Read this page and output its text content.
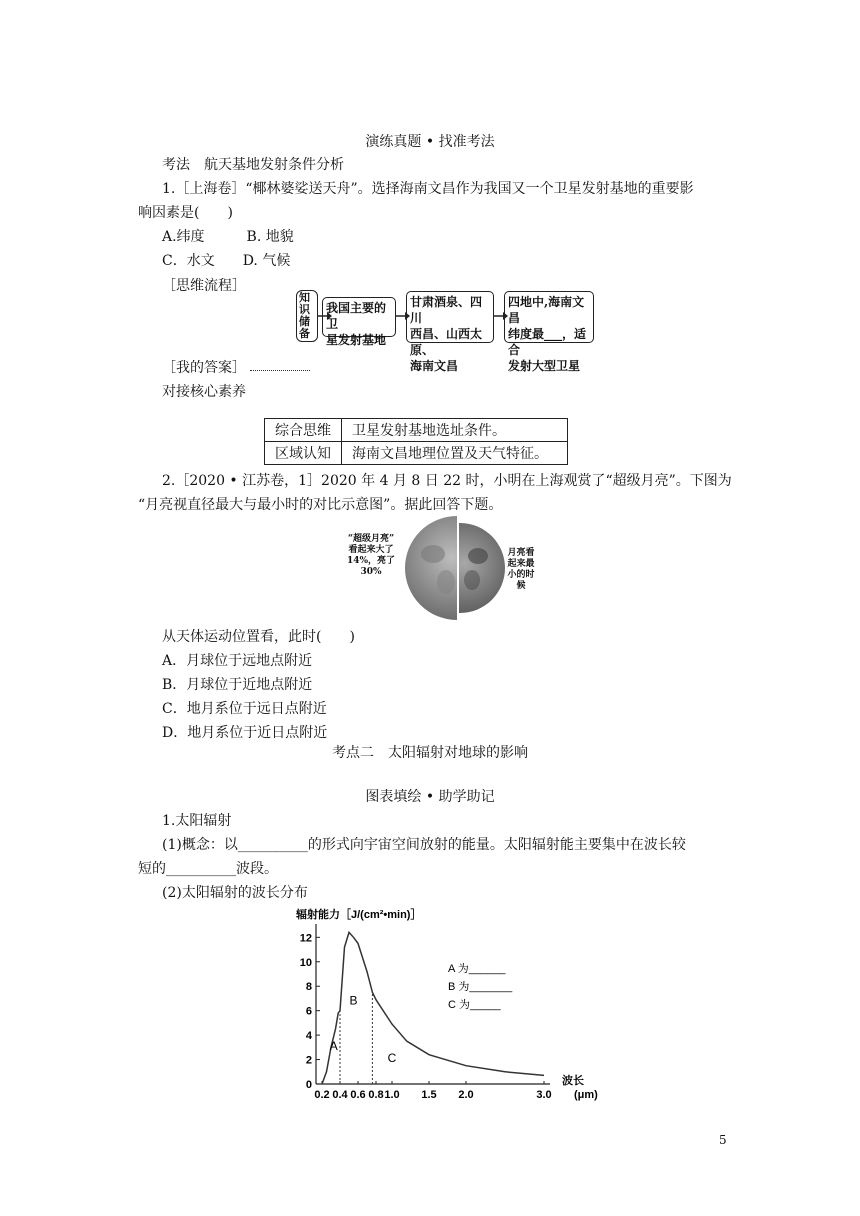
演练真题 • 找准考法
考法　航天基地发射条件分析
1.［上海卷］“椰林婆娑送天舟”。选择海南文昌作为我国又一个卫星发射基地的重要影
响因素是(　　)
A.纬度　　　B. 地貌
C．水文　　D. 气候
［思维流程］
知识储备
我国主要的卫
星发射基地
甘肃酒泉、四川
西昌、山西太原、
海南文昌
四地中,海南文昌
纬度最___，适合
发射大型卫星
［我的答案］
对接核心素养
综合思维	卫星发射基地选址条件。
区域认知	海南文昌地理位置及天气特征。
2.［2020 • 江苏卷，1］2020 年 4 月 8 日 22 时，小明在上海观赏了“超级月亮”。下图为
“月亮视直径最大与最小时的对比示意图”。据此回答下题。
“超级月亮”
看起来大了
14%，亮了
30%
月亮看
起来最
小的时
候
从天体运动位置看，此时(　　)
A．月球位于远地点附近
B．月球位于近地点附近
C．地月系位于远日点附近
D．地月系位于近日点附近
考点二　太阳辐射对地球的影响
图表填绘 • 助学助记
1.太阳辐射
(1)概念：以__________的形式向宇宙空间放射的能量。太阳辐射能主要集中在波长较
短的__________波段。
(2)太阳辐射的波长分布
辐射能力［J/(cm²•min)］
0
2
4
6
8
10
12
0.2 0.4 0.6 0.8 1.0 1.5 2.0	3.0
A
B
C
A 为______
B 为_______
C 为_____
波长
(μm)
5
